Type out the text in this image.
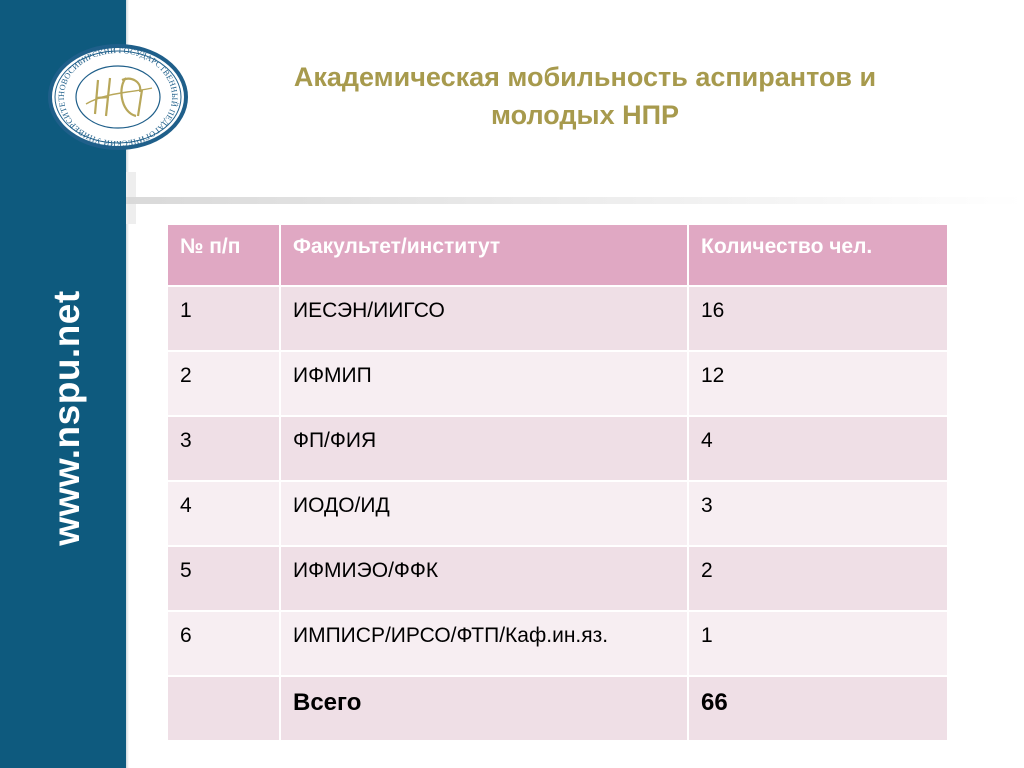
www.nspu.net
НОВОСИБИРСКИЙ ГОСУДАРСТВЕННЫЙ ПЕДАГОГИЧЕСКИЙ УНИВЕРСИТЕТ
Академическая мобильность аспирантов и
молодых НПР
№ п/п	Факультет/институт	Количество чел.
1	ИЕСЭН/ИИГСО	16
2	ИФМИП	12
3	ФП/ФИЯ	4
4	ИОДО/ИД	3
5	ИФМИЭО/ФФК	2
6	ИМПИСР/ИРСО/ФТП/Каф.ин.яз.	1
	Всего	66
